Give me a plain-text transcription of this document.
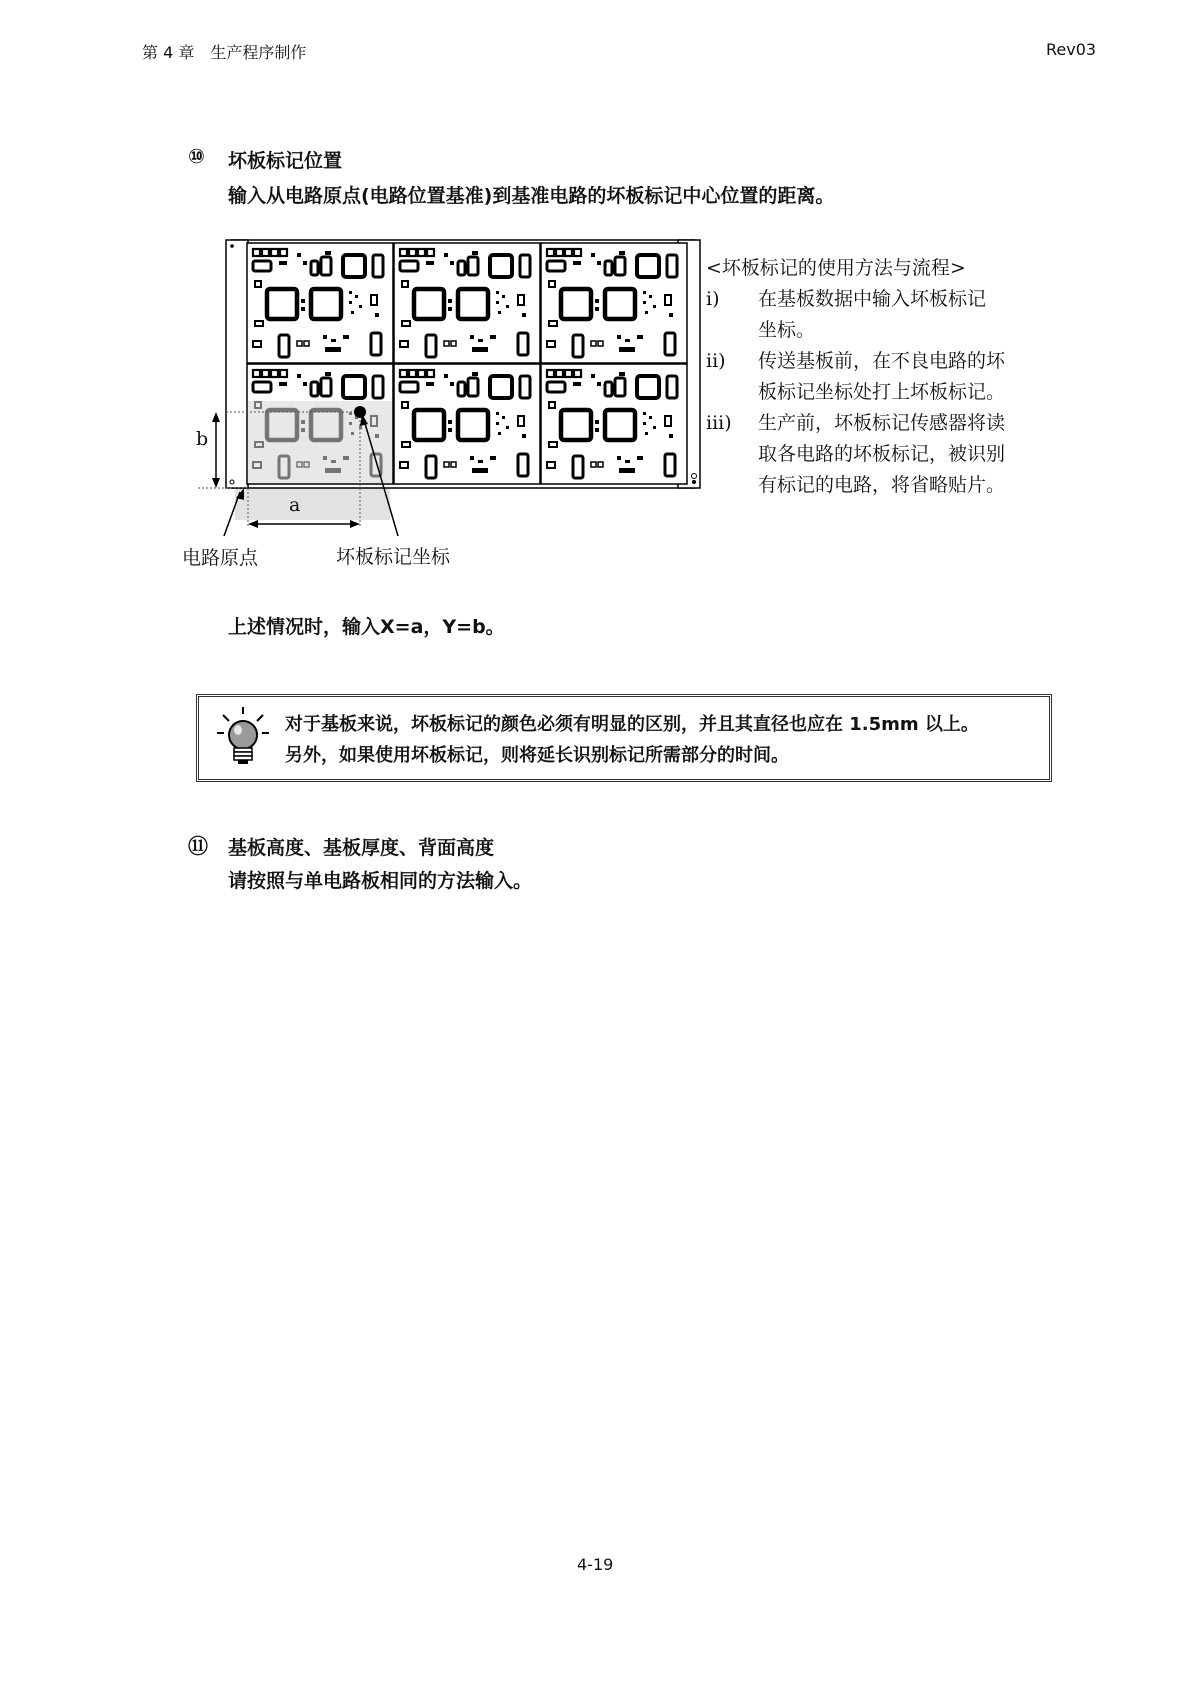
第 4 章　生产程序制作	Rev03
⑩ 坏板标记位置
输入从电路原点(电路位置基准)到基准电路的坏板标记中心位置的距离。
b
a
电路原点	坏板标记坐标
<坏板标记的使用方法与流程>
i) 在基板数据中输入坏板标记
坐标。
ii) 传送基板前，在不良电路的坏
板标记坐标处打上坏板标记。
iii) 生产前，坏板标记传感器将读
取各电路的坏板标记，被识别
有标记的电路，将省略贴片。
上述情况时，输入X=a，Y=b。
对于基板来说，坏板标记的颜色必须有明显的区别，并且其直径也应在 1.5mm 以上。
另外，如果使用坏板标记，则将延长识别标记所需部分的时间。
⑪ 基板高度、基板厚度、背面高度
请按照与单电路板相同的方法输入。
4-19
